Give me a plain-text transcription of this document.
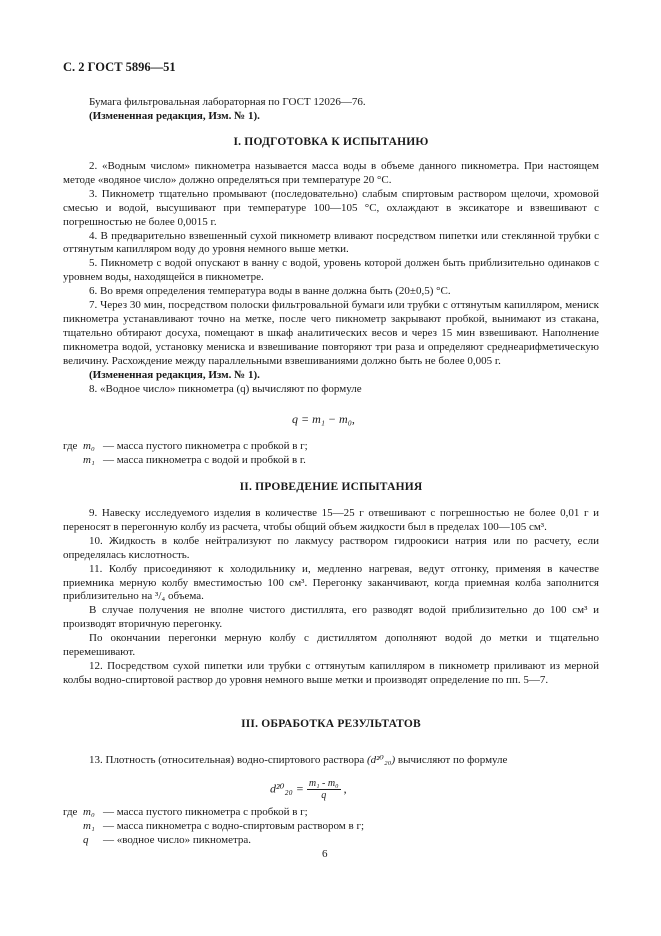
С. 2 ГОСТ 5896—51

Бумага фильтровальная лабораторная по ГОСТ 12026—76.

(Измененная редакция, Изм. № 1).

I. ПОДГОТОВКА К ИСПЫТАНИЮ

2. «Водным числом» пикнометра называется масса воды в объеме данного пикнометра. При настоящем методе «водяное число» должно определяться при температуре 20 °С.

3. Пикнометр тщательно промывают (последовательно) слабым спиртовым раствором щелочи, хромовой смесью и водой, высушивают при температуре 100—105 °С, охлаждают в эксикаторе и взвешивают с погрешностью не более 0,0015 г.

4. В предварительно взвешенный сухой пикнометр вливают посредством пипетки или стеклянной трубки с оттянутым капилляром воду до уровня немного выше метки.

5. Пикнометр с водой опускают в ванну с водой, уровень которой должен быть приблизительно одинаков с уровнем воды, находящейся в пикнометре.

6. Во время определения температура воды в ванне должна быть (20±0,5) °С.

7. Через 30 мин, посредством полоски фильтровальной бумаги или трубки с оттянутым капилляром, мениск пикнометра устанавливают точно на метке, после чего пикнометр закрывают пробкой, вынимают из стакана, тщательно обтирают досуха, помещают в шкаф аналитических весов и через 15 мин взвешивают. Наполнение пикнометра водой, установку мениска и взвешивание повторяют три раза и определяют среднеарифметическую величину. Расхождение между параллельными взвешиваниями должно быть не более 0,005 г.

(Измененная редакция, Изм. № 1).

8. «Водное число» пикнометра (q) вычисляют по формуле

q = m₁ − m₀,
где m₀ — масса пустого пикнометра с пробкой в г;
m₁ — масса пикнометра с водой и пробкой в г.
II. ПРОВЕДЕНИЕ ИСПЫТАНИЯ

9. Навеску исследуемого изделия в количестве 15—25 г отвешивают с погрешностью не более 0,01 г и переносят в перегонную колбу из расчета, чтобы общий объем жидкости был в пределах 100—105 см³.

10. Жидкость в колбе нейтрализуют по лакмусу раствором гидроокиси натрия или по расчету, если определялась кислотность.

11. Колбу присоединяют к холодильнику и, медленно нагревая, ведут отгонку, применяя в качестве приемника мерную колбу вместимостью 100 см³. Перегонку заканчивают, когда приемная колба заполнится приблизительно на ³/₄ объема.

В случае получения не вполне чистого дистиллята, его разводят водой приблизительно до 100 см³ и производят вторичную перегонку.

По окончании перегонки мерную колбу с дистиллятом дополняют водой до метки и тщательно перемешивают.

12. Посредством сухой пипетки или трубки с оттянутым капилляром в пикнометр приливают из мерной колбы водно-спиртовой раствор до уровня немного выше метки и производят определение по пп. 5—7.

III. ОБРАБОТКА РЕЗУЛЬТАТОВ

13. Плотность (относительная) водно-спиртового раствора (d²⁰₂₀) вычисляют по формуле

$d^{20}_{20} = \frac{\text{m₁ - m₀}}{q}$ ,
где m₀ — масса пустого пикнометра с пробкой в г;
m₁ — масса пикнометра с водно-спиртовым раствором в г;
q	— «водное число» пикнометра.
6
